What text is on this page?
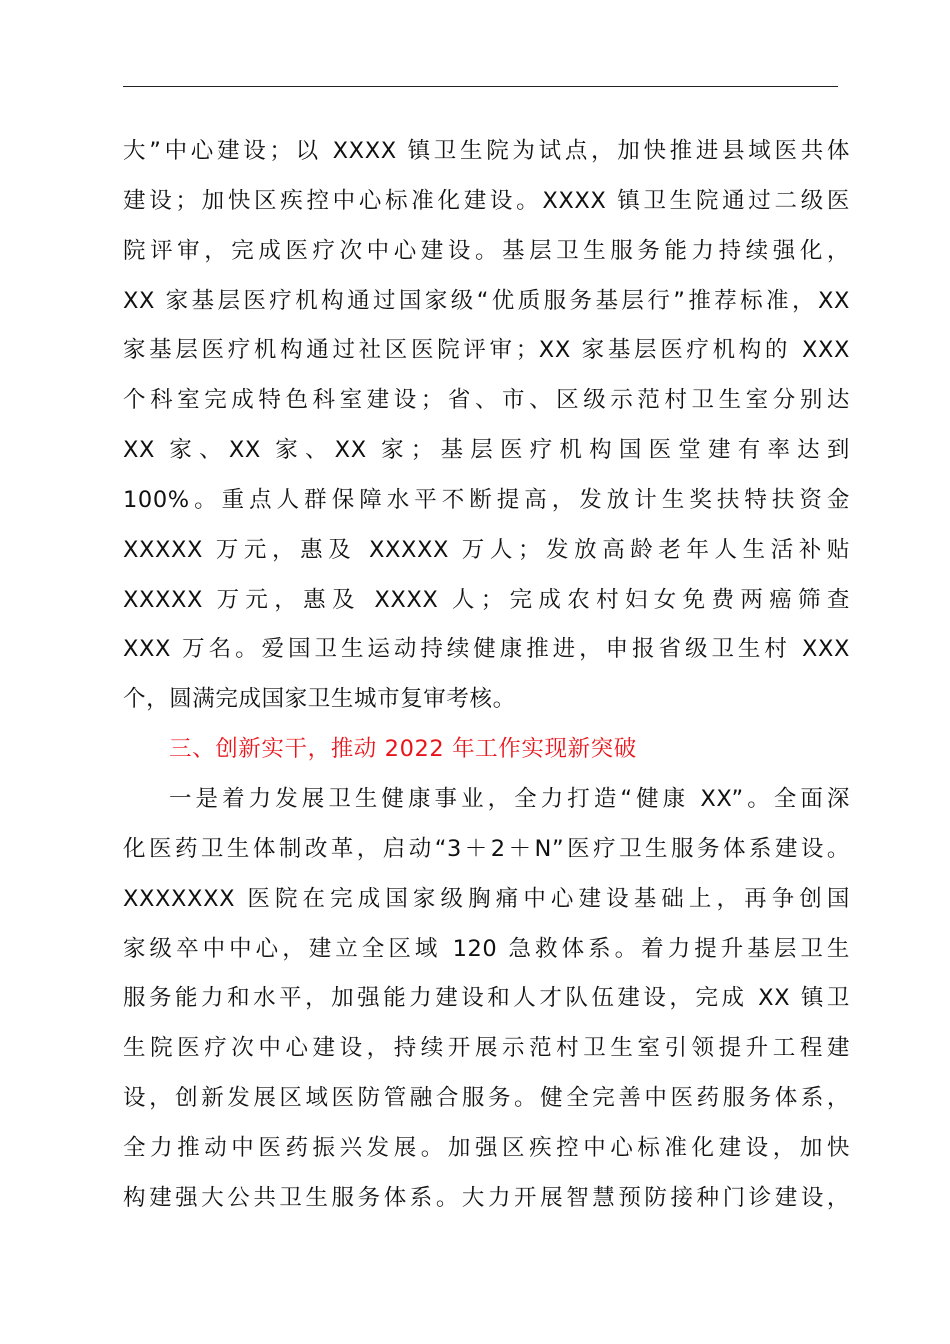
大”中心建设；以 XXXX 镇卫生院为试点，加快推进县域医共体
建设；加快区疾控中心标准化建设。XXXX 镇卫生院通过二级医
院评审，完成医疗次中心建设。基层卫生服务能力持续强化，
XX 家基层医疗机构通过国家级“优质服务基层行”推荐标准，XX
家基层医疗机构通过社区医院评审；XX 家基层医疗机构的 XXX
个科室完成特色科室建设；省、市、区级示范村卫生室分别达
XX 家、XX 家、XX 家；基层医疗机构国医堂建有率达到
100%。重点人群保障水平不断提高，发放计生奖扶特扶资金
XXXXX 万元，惠及 XXXXX 万人；发放高龄老年人生活补贴
XXXXX 万元，惠及 XXXX 人；完成农村妇女免费两癌筛查
XXX 万名。爱国卫生运动持续健康推进，申报省级卫生村 XXX
个，圆满完成国家卫生城市复审考核。
三、创新实干，推动 2022 年工作实现新突破
一是着力发展卫生健康事业，全力打造“健康 XX”。全面深
化医药卫生体制改革，启动“3＋2＋N”医疗卫生服务体系建设。
XXXXXXX 医院在完成国家级胸痛中心建设基础上，再争创国
家级卒中中心，建立全区域 120 急救体系。着力提升基层卫生
服务能力和水平，加强能力建设和人才队伍建设，完成 XX 镇卫
生院医疗次中心建设，持续开展示范村卫生室引领提升工程建
设，创新发展区域医防管融合服务。健全完善中医药服务体系，
全力推动中医药振兴发展。加强区疾控中心标准化建设，加快
构建强大公共卫生服务体系。大力开展智慧预防接种门诊建设，
